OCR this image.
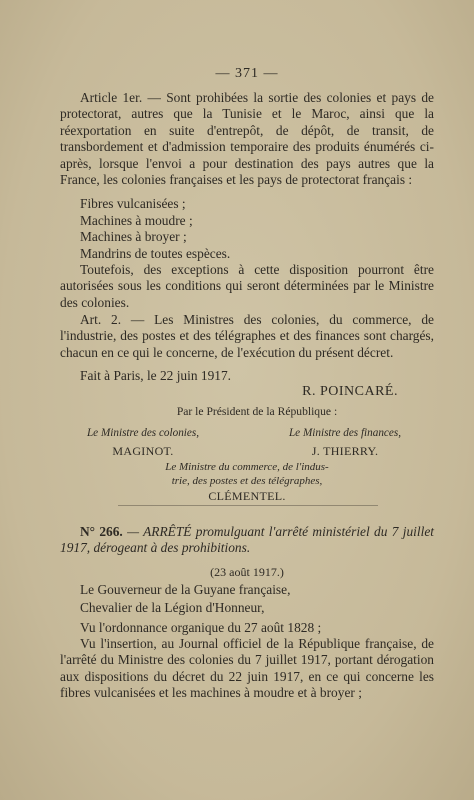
— 371 —
Article 1er. — Sont prohibées la sortie des colonies et pays de protectorat, autres que la Tunisie et le Maroc, ainsi que la réexportation en suite d'entrepôt, de dépôt, de transit, de transbordement et d'admission temporaire des produits énumérés ci-après, lorsque l'envoi a pour destination des pays autres que la France, les colonies françaises et les pays de protectorat français :
Fibres vulcanisées ;
Machines à moudre ;
Machines à broyer ;
Mandrins de toutes espèces.
Toutefois, des exceptions à cette disposition pourront être autorisées sous les conditions qui seront déterminées par le Ministre des colonies.
Art. 2. — Les Ministres des colonies, du commerce, de l'industrie, des postes et des télégraphes et des finances sont chargés, chacun en ce qui le concerne, de l'exécution du présent décret.
Fait à Paris, le 22 juin 1917.
R. POINCARÉ.
Par le Président de la République :
Le Ministre des colonies,
MAGINOT.
Le Ministre des finances,
J. THIERRY.
Le Ministre du commerce, de l'indus-
trie, des postes et des télégraphes,
CLÉMENTEL.
N° 266. — ARRÊTÉ promulguant l'arrêté ministériel du 7 juillet 1917, dérogeant à des prohibitions.
(23 août 1917.)
Le Gouverneur de la Guyane française,
Chevalier de la Légion d'Honneur,
Vu l'ordonnance organique du 27 août 1828 ;
Vu l'insertion, au Journal officiel de la République française, de l'arrêté du Ministre des colonies du 7 juillet 1917, portant dérogation aux dispositions du décret du 22 juin 1917, en ce qui concerne les fibres vulcanisées et les machines à moudre et à broyer ;
